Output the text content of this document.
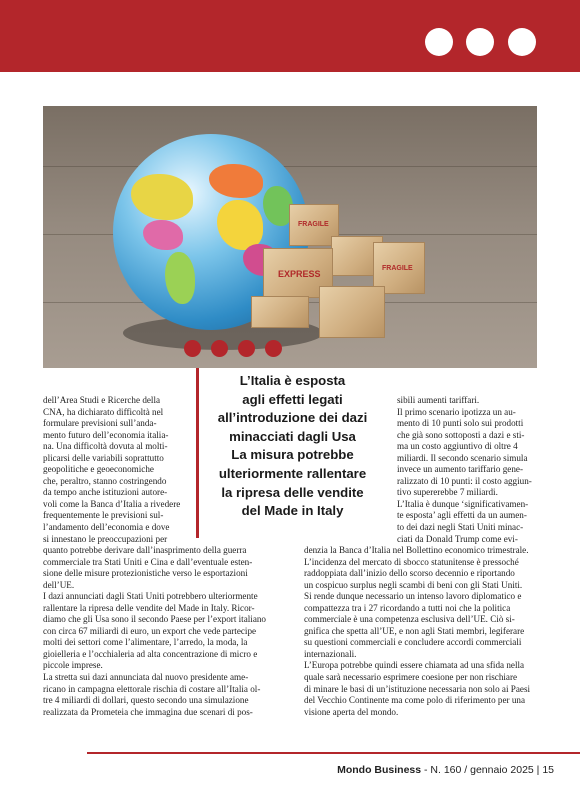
FRAGILE
EXPRESS
FRAGILE
L’Italia è esposta
agli effetti legati
all’introduzione dei dazi
minacciati dagli Usa
La misura potrebbe
ulteriormente rallentare
la ripresa delle vendite
del Made in Italy

dell’Area Studi e Ricerche della

CNA, ha dichiarato difficoltà nel

formulare previsioni sull’anda-

mento futuro dell’economia italia-

na. Una difficoltà dovuta al molti-

plicarsi delle variabili soprattutto

geopolitiche e geoeconomiche

che, peraltro, stanno costringendo

da tempo anche istituzioni autore-

voli come la Banca d’Italia a rivedere

frequentemente le previsioni sul-

l’andamento dell’economia e dove

si innestano le preoccupazioni per

quanto potrebbe derivare dall’inasprimento della guerra

commerciale tra Stati Uniti e Cina e dall’eventuale esten-

sione delle misure protezionistiche verso le esportazioni

dell’UE.

I dazi annunciati dagli Stati Uniti potrebbero ulteriormente

rallentare la ripresa delle vendite del Made in Italy. Ricor-

diamo che gli Usa sono il secondo Paese per l’export italiano

con circa 67 miliardi di euro, un export che vede partecipe

molti dei settori come l’alimentare, l’arredo, la moda, la

gioielleria e l’occhialeria ad alta concentrazione di micro e

piccole imprese.

La stretta sui dazi annunciata dal nuovo presidente ame-

ricano in campagna elettorale rischia di costare all’Italia ol-

tre 4 miliardi di dollari, questo secondo una simulazione

realizzata da Prometeia che immagina due scenari di pos-

sibili aumenti tariffari.

Il primo scenario ipotizza un au-

mento di 10 punti solo sui prodotti

che già sono sottoposti a dazi e sti-

ma un costo aggiuntivo di oltre 4

miliardi. Il secondo scenario simula

invece un aumento tariffario gene-

ralizzato di 10 punti: il costo aggiun-

tivo supererebbe 7 miliardi.

L’Italia è dunque ‘significativamen-

te esposta’ agli effetti da un aumen-

to dei dazi negli Stati Uniti minac-

ciati da Donald Trump come evi-

denzia la Banca d’Italia nel Bollettino economico trimestrale.

L’incidenza del mercato di sbocco statunitense è pressoché

raddoppiata dall’inizio dello scorso decennio e riportando

un cospicuo surplus negli scambi di beni con gli Stati Uniti.

Si rende dunque necessario un intenso lavoro diplomatico e

compattezza tra i 27 ricordando a tutti noi che la politica

commerciale è una competenza esclusiva dell’UE. Ciò si-

gnifica che spetta all’UE, e non agli Stati membri, legiferare

su questioni commerciali e concludere accordi commerciali

internazionali.

L’Europa potrebbe quindi essere chiamata ad una sfida nella

quale sarà necessario esprimere coesione per non rischiare

di minare le basi di un’istituzione necessaria non solo ai Paesi

del Vecchio Continente ma come polo di riferimento per una

visione aperta del mondo.

Mondo Business - N. 160 / gennaio 2025 | 15
